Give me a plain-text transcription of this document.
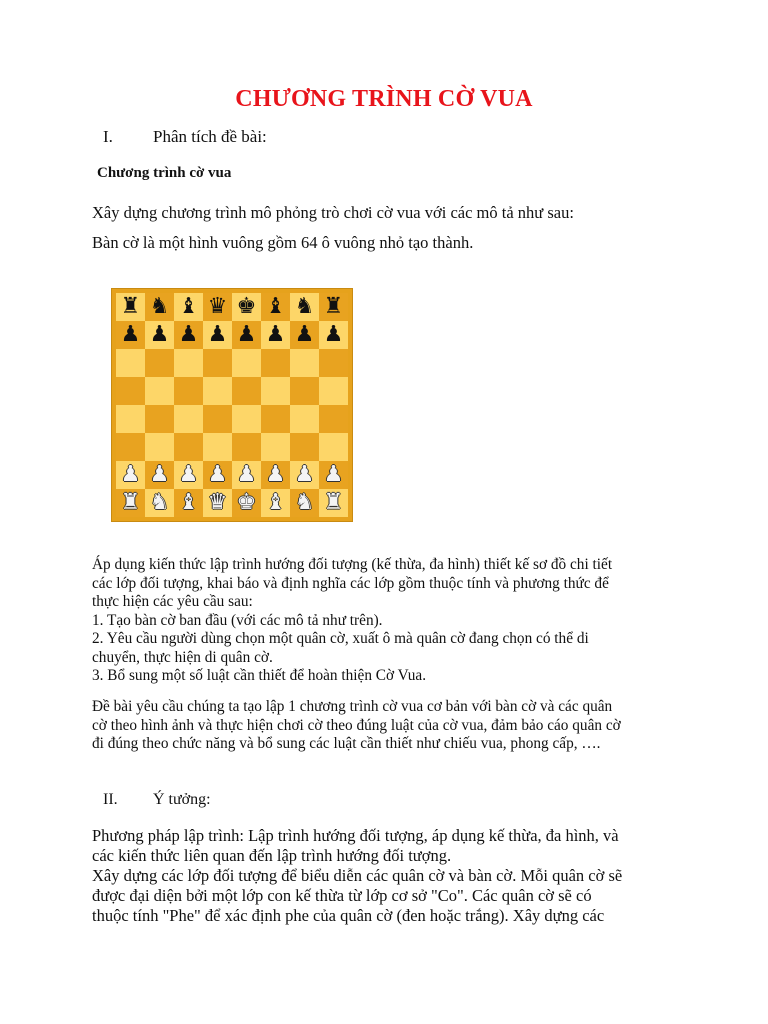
CHƯƠNG TRÌNH CỜ VUA
I.	Phân tích đề bài:
Chương trình cờ vua
Xây dựng chương trình mô phỏng trò chơi cờ vua với các mô tả như sau:
Bàn cờ là một hình vuông gồm 64 ô vuông nhỏ tạo thành.
♜ ♞ ♝ ♛ ♚ ♝ ♞ ♜
♟ ♟ ♟ ♟ ♟ ♟ ♟ ♟
♟ ♟ ♟ ♟ ♟ ♟ ♟ ♟
♜ ♞ ♝ ♛ ♚ ♝ ♞ ♜
Áp dụng kiến thức lập trình hướng đối tượng (kế thừa, đa hình) thiết kế sơ đồ chi tiết
các lớp đối tượng, khai báo và định nghĩa các lớp gồm thuộc tính và phương thức để
thực hiện các yêu cầu sau:
1. Tạo bàn cờ ban đầu (với các mô tả như trên).
2. Yêu cầu người dùng chọn một quân cờ, xuất ô mà quân cờ đang chọn có thể di
chuyển, thực hiện di quân cờ.
3. Bổ sung một số luật cần thiết để hoàn thiện Cờ Vua.
Đề bài yêu cầu chúng ta tạo lập 1 chương trình cờ vua cơ bản với bàn cờ và các quân
cờ theo hình ảnh và thực hiện chơi cờ theo đúng luật của cờ vua, đảm bảo cáo quân cờ
đi đúng theo chức năng và bổ sung các luật cần thiết như chiếu vua, phong cấp, ….
II.	Ý tưởng:
Phương pháp lập trình: Lập trình hướng đối tượng, áp dụng kế thừa, đa hình, và
các kiến thức liên quan đến lập trình hướng đối tượng.
Xây dựng các lớp đối tượng để biểu diễn các quân cờ và bàn cờ. Mỗi quân cờ sẽ
được đại diện bởi một lớp con kế thừa từ lớp cơ sở "Co". Các quân cờ sẽ có
thuộc tính "Phe" để xác định phe của quân cờ (đen hoặc trắng). Xây dựng các
